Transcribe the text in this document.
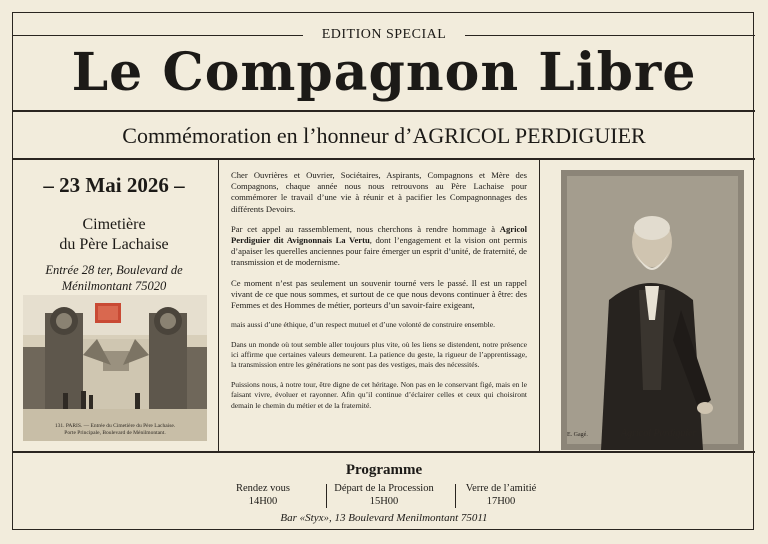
EDITION SPECIAL
Le Compagnon Libre
Commémoration en l’honneur d’AGRICOL PERDIGUIER
– 23 Mai 2026 –
Cimetière
du Père Lachaise
Entrée 28 ter, Boulevard de
Ménilmontant 75020
131. PARIS. — Entrée du Cimetière du Père Lachaise.
Porte Principale, Boulevard de Ménilmontant.

Cher Ouvrières et Ouvrier, Sociétaires, Aspirants, Compagnons et Mère des Compagnons, chaque année nous nous retrouvons au Père Lachaise pour commémorer le travail d’une vie à réunir et à pacifier les Compagnonnages des différents Devoirs.

Par cet appel au rassemblement, nous cherchons à rendre hommage à Agricol Perdiguier dit Avignonnais La Vertu, dont l’engagement et la vision ont permis d’apaiser les querelles anciennes pour faire émerger un esprit d’unité, de fraternité, de transmission et de modernisme.

Ce moment n’est pas seulement un souvenir tourné vers le passé. Il est un rappel vivant de ce que nous sommes, et surtout de ce que nous devons continuer à être: des Femmes et des Hommes de métier, porteurs d’un savoir-faire exigeant,

mais aussi d’une éthique, d’un respect mutuel et d’une volonté de construire ensemble.

Dans un monde où tout semble aller toujours plus vite, où les liens se distendent, notre présence ici affirme que certaines valeurs demeurent. La patience du geste, la rigueur de l’apprentissage, la transmission entre les générations ne sont pas des vestiges, mais des nécessités.

Puissions nous, à notre tour, être digne de cet héritage. Non pas en le conservant figé, mais en le faisant vivre, évoluer et rayonner. Afin qu’il continue d’éclairer celles et ceux qui choisiront demain le chemin du métier et de la fraternité.

E. Gagé.	Agricol Perdiguier
Programme
Rendez vous
14H00
Départ de la Procession
15H00
Verre de l’amitié
17H00
Bar «Styx», 13 Boulevard Menilmontant 75011
